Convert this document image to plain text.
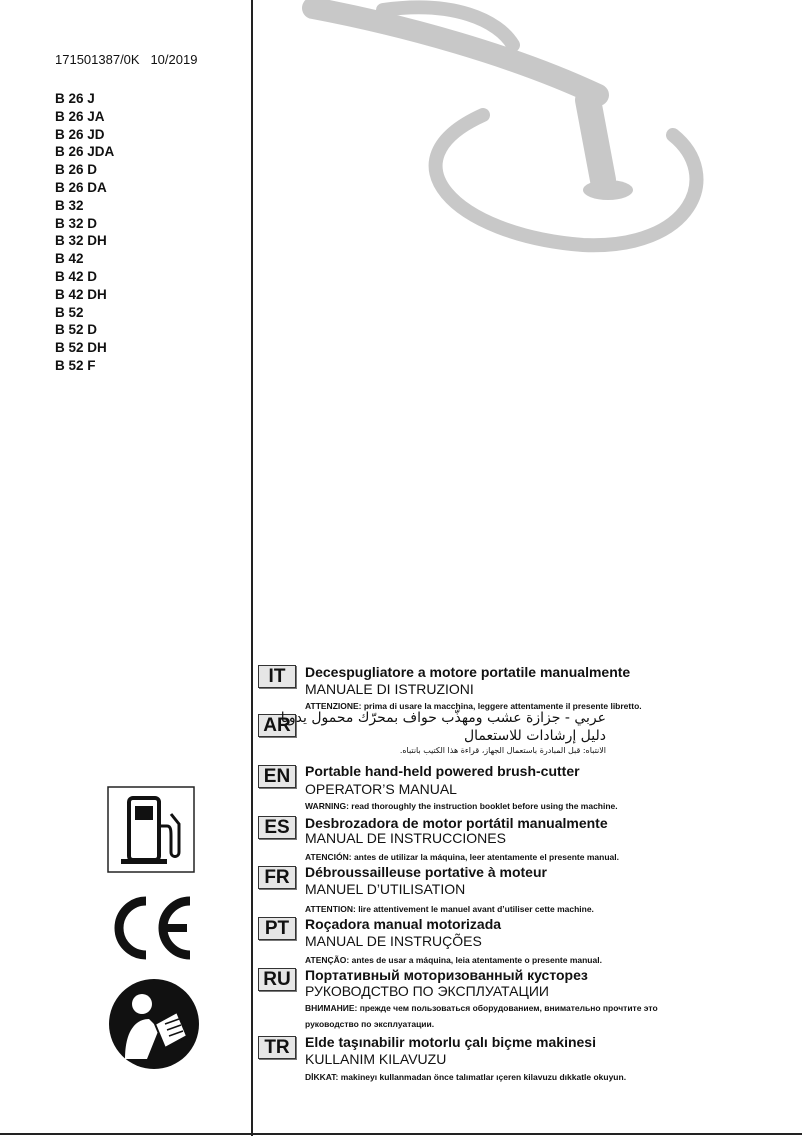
171501387/0K 10/2019
B 26 J
B 26 JA
B 26 JD
B 26 JDA
B 26 D
B 26 DA
B 32
B 32 D
B 32 DH
B 42
B 42 D
B 42 DH
B 52
B 52 D
B 52 DH
B 52 F
IT	Decespugliatore a motore portatile manualmente
MANUALE DI ISTRUZIONI
ATTENZIONE: prima di usare la macchina, leggere attentamente il presente libretto.
AR
عربي - جزازة عشب ومهذّب حواف بمحرّك محمول يدويا
دليل إرشادات للاستعمال
الانتباه: قبل المبادرة باستعمال الجهاز، قراءة هذا الكتيب بانتباه.
EN	Portable hand-held powered brush-cutter
OPERATOR’S MANUAL
WARNING: read thoroughly the instruction booklet before using the machine.
ES	Desbrozadora de motor portátil manualmente
MANUAL DE INSTRUCCIONES
ATENCIÓN: antes de utilizar la máquina, leer atentamente el presente manual.
FR	Débroussailleuse portative à moteur
MANUEL D’UTILISATION
ATTENTION: lire attentivement le manuel avant d’utiliser cette machine.
PT	Roçadora manual motorizada
MANUAL DE INSTRUÇÕES
ATENÇÃO: antes de usar a máquina, leia atentamente o presente manual.
RU	Портативный моторизованный кусторез
РУКОВОДСТВО ПО ЭКСПЛУАТАЦИИ
ВНИМАНИЕ: прежде чем пользоваться оборудованием, внимательно прочтите это
руководство по эксплуатации.
TR	Elde taşınabilir motorlu çalı biçme makinesi
KULLANIM KILAVUZU
DİKKAT: makineyı kullanmadan önce talımatlar ıçeren kilavuzu dıkkatle okuyun.
